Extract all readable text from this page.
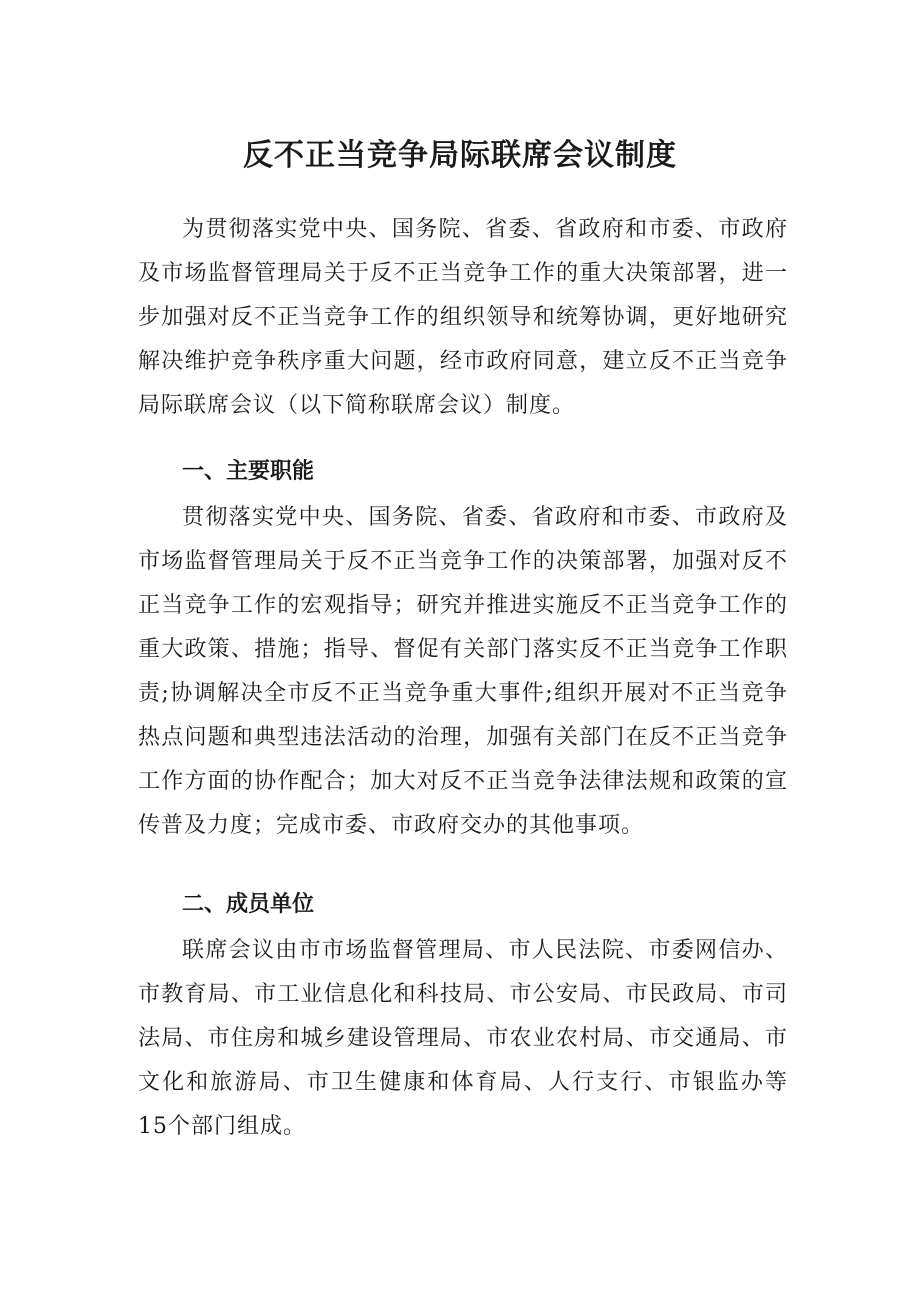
反不正当竞争局际联席会议制度

为贯彻落实党中央、国务院、省委、省政府和市委、市政府及市场监督管理局关于反不正当竞争工作的重大决策部署，进一步加强对反不正当竞争工作的组织领导和统筹协调，更好地研究解决维护竞争秩序重大问题，经市政府同意，建立反不正当竞争局际联席会议（以下简称联席会议）制度。

一、主要职能

贯彻落实党中央、国务院、省委、省政府和市委、市政府及市场监督管理局关于反不正当竞争工作的决策部署，加强对反不正当竞争工作的宏观指导；研究并推进实施反不正当竞争工作的重大政策、措施；指导、督促有关部门落实反不正当竞争工作职责;协调解决全市反不正当竞争重大事件;组织开展对不正当竞争热点问题和典型违法活动的治理，加强有关部门在反不正当竞争工作方面的协作配合；加大对反不正当竞争法律法规和政策的宣传普及力度；完成市委、市政府交办的其他事项。

二、成员单位

联席会议由市市场监督管理局、市人民法院、市委网信办、市教育局、市工业信息化和科技局、市公安局、市民政局、市司法局、市住房和城乡建设管理局、市农业农村局、市交通局、市文化和旅游局、市卫生健康和体育局、人行支行、市银监办等15个部门组成。
